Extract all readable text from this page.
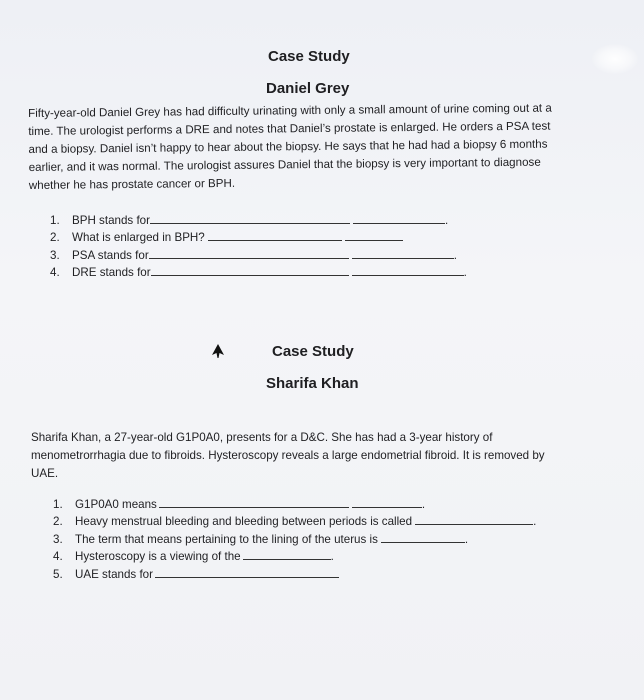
Case Study
Daniel Grey
Fifty-year-old Daniel Grey has had difficulty urinating with only a small amount of urine coming out at a
time. The urologist performs a DRE and notes that Daniel’s prostate is enlarged. He orders a PSA test
and a biopsy. Daniel isn’t happy to hear about the biopsy. He says that he had had a biopsy 6 months
earlier, and it was normal. The urologist assures Daniel that the biopsy is very important to diagnose
whether he has prostate cancer or BPH.
1.	BPH stands for	.
2.	What is enlarged in BPH?
3.	PSA stands for	.
4.	DRE stands for	.
Case Study
Sharifa Khan
Sharifa Khan, a 27-year-old G1P0A0, presents for a D&C. She has had a 3-year history of
menometrorrhagia due to fibroids. Hysteroscopy reveals a large endometrial fibroid. It is removed by
UAE.
1.	G1P0A0 means	.
2.	Heavy menstrual bleeding and bleeding between periods is called	.
3.	The term that means pertaining to the lining of the uterus is	.
4.	Hysteroscopy is a viewing of the	.
5.	UAE stands for
